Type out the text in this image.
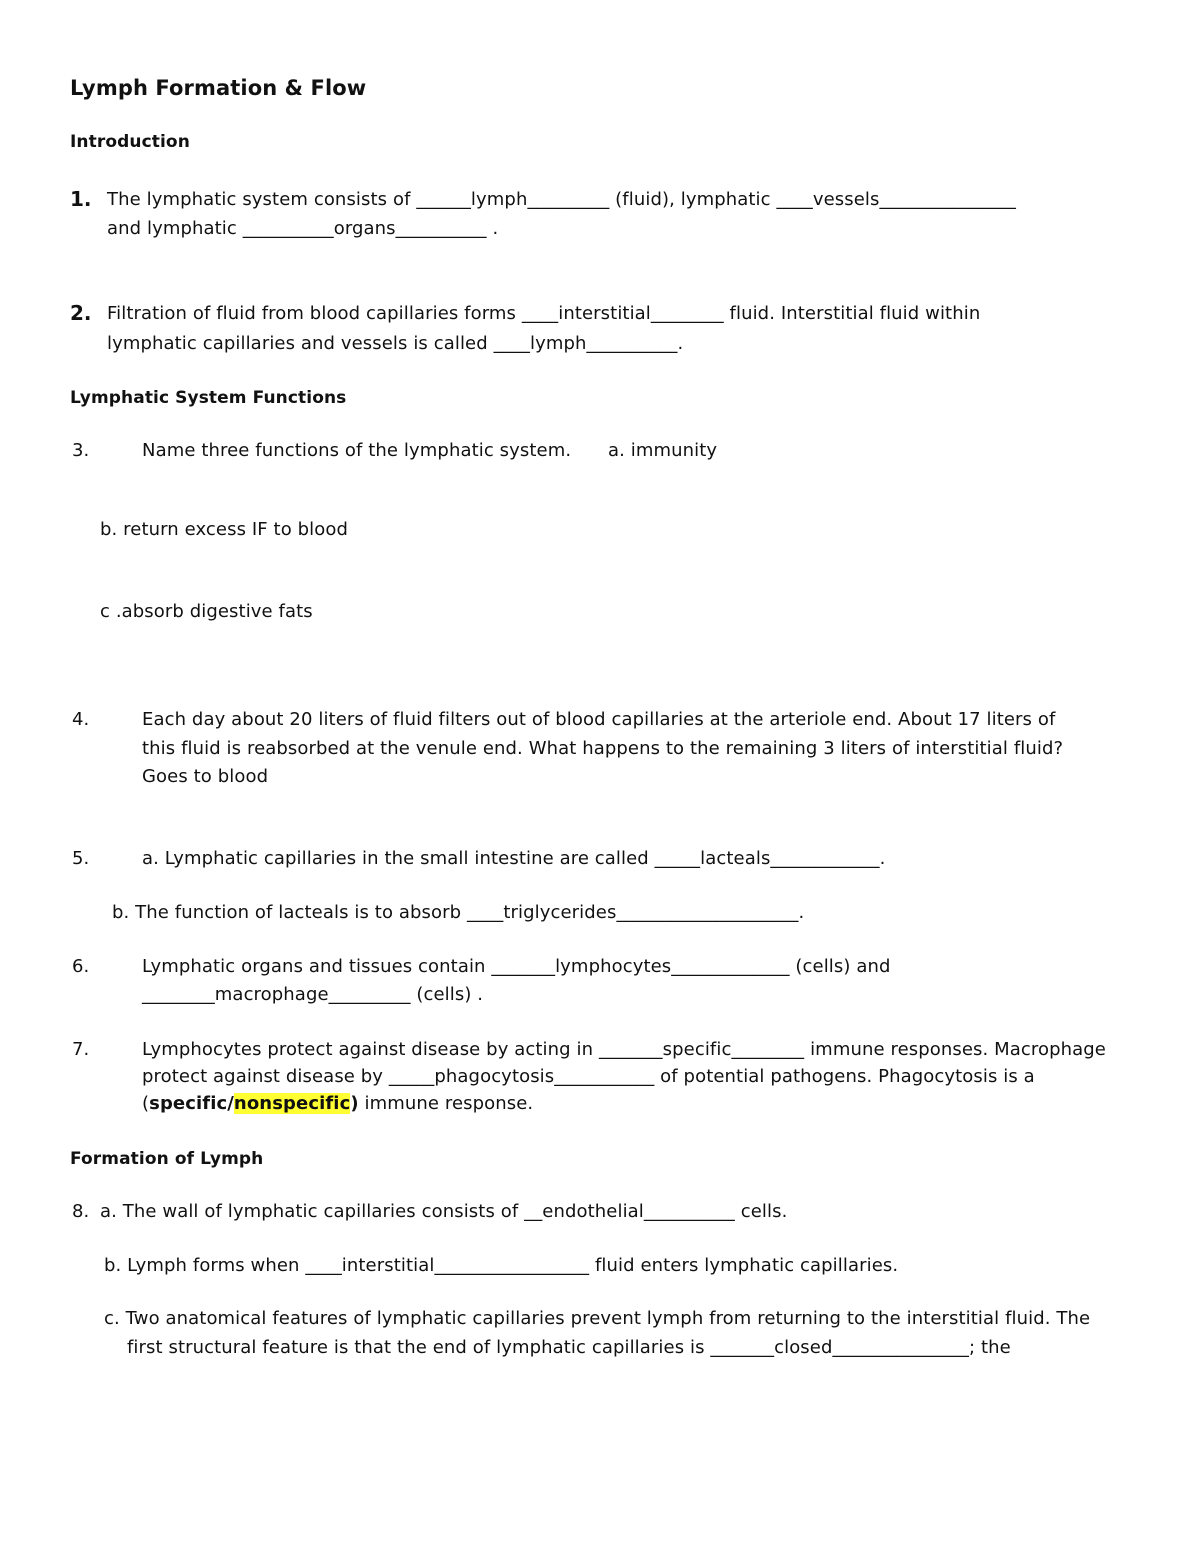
Lymph Formation & Flow
Introduction
1. The lymphatic system consists of ______lymph_________ (fluid), lymphatic ____vessels_______________
and lymphatic __________organs__________ .
2. Filtration of fluid from blood capillaries forms ____interstitial________ fluid. Interstitial fluid within
lymphatic capillaries and vessels is called ____lymph__________.
Lymphatic System Functions
3.	Name three functions of the lymphatic system. a. immunity
b. return excess IF to blood
c .absorb digestive fats
4.	Each day about 20 liters of fluid filters out of blood capillaries at the arteriole end. About 17 liters of
this fluid is reabsorbed at the venule end. What happens to the remaining 3 liters of interstitial fluid?
Goes to blood
5.	a. Lymphatic capillaries in the small intestine are called _____lacteals____________.
b. The function of lacteals is to absorb ____triglycerides____________________.
6.	Lymphatic organs and tissues contain _______lymphocytes_____________ (cells) and
________macrophage_________ (cells) .
7.	Lymphocytes protect against disease by acting in _______specific________ immune responses. Macrophage
protect against disease by _____phagocytosis___________ of potential pathogens. Phagocytosis is a
(specific/nonspecific) immune response.
Formation of Lymph
8. a. The wall of lymphatic capillaries consists of __endothelial__________ cells.
b. Lymph forms when ____interstitial_________________ fluid enters lymphatic capillaries.
c. Two anatomical features of lymphatic capillaries prevent lymph from returning to the interstitial fluid. The
first structural feature is that the end of lymphatic capillaries is _______closed_______________; the
